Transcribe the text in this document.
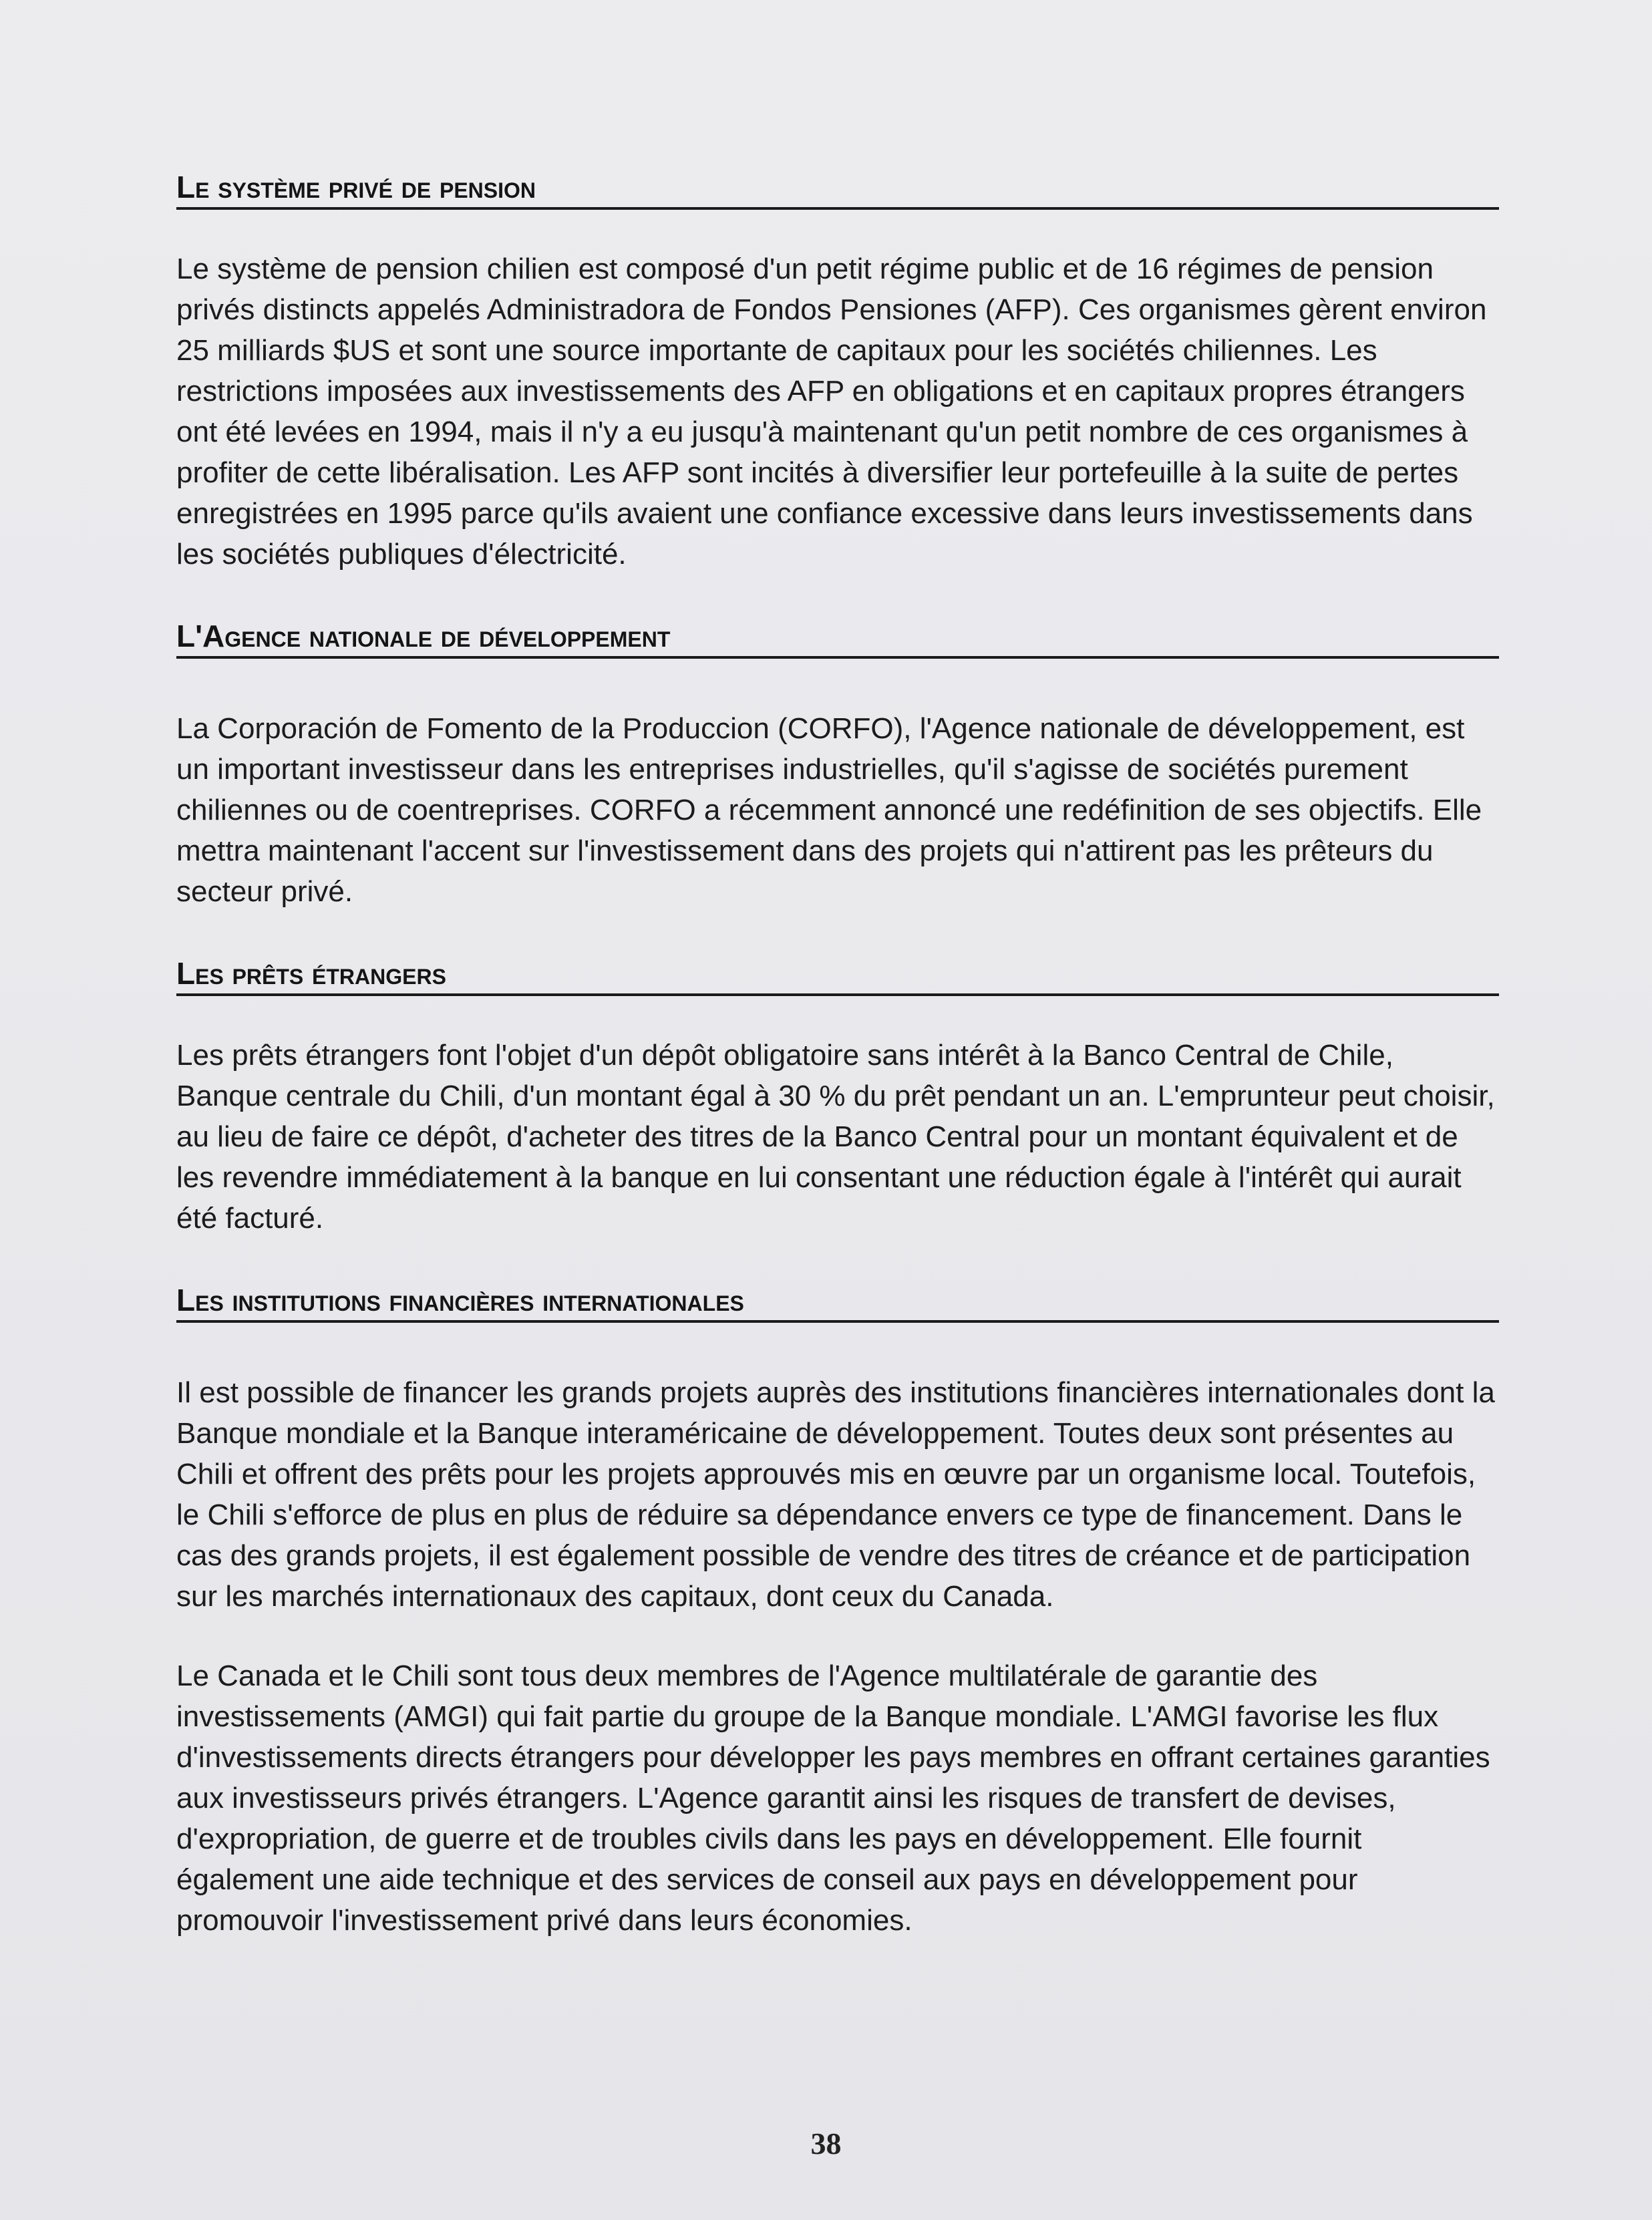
Le système privé de pension

Le système de pension chilien est composé d'un petit régime public et de 16 régimes de pension privés distincts appelés Administradora de Fondos Pensiones (AFP). Ces organismes gèrent environ 25 milliards $US et sont une source importante de capitaux pour les sociétés chiliennes. Les restrictions imposées aux investissements des AFP en obligations et en capitaux propres étrangers ont été levées en 1994, mais il n'y a eu jusqu'à maintenant qu'un petit nombre de ces organismes à profiter de cette libéralisation. Les AFP sont incités à diversifier leur portefeuille à la suite de pertes enregistrées en 1995 parce qu'ils avaient une confiance excessive dans leurs investissements dans les sociétés publiques d'électricité.

L'Agence nationale de développement

La Corporación de Fomento de la Produccion (CORFO), l'Agence nationale de développement, est un important investisseur dans les entreprises industrielles, qu'il s'agisse de sociétés purement chiliennes ou de coentreprises. CORFO a récemment annoncé une redéfinition de ses objectifs. Elle mettra maintenant l'accent sur l'investissement dans des projets qui n'attirent pas les prêteurs du secteur privé.

Les prêts étrangers

Les prêts étrangers font l'objet d'un dépôt obligatoire sans intérêt à la Banco Central de Chile, Banque centrale du Chili, d'un montant égal à 30 % du prêt pendant un an. L'emprunteur peut choisir, au lieu de faire ce dépôt, d'acheter des titres de la Banco Central pour un montant équivalent et de les revendre immédiatement à la banque en lui consentant une réduction égale à l'intérêt qui aurait été facturé.

Les institutions financières internationales

Il est possible de financer les grands projets auprès des institutions financières internationales dont la Banque mondiale et la Banque interaméricaine de développement. Toutes deux sont présentes au Chili et offrent des prêts pour les projets approuvés mis en œuvre par un organisme local. Toutefois, le Chili s'efforce de plus en plus de réduire sa dépendance envers ce type de financement. Dans le cas des grands projets, il est également possible de vendre des titres de créance et de participation sur les marchés internationaux des capitaux, dont ceux du Canada.

Le Canada et le Chili sont tous deux membres de l'Agence multilatérale de garantie des investissements (AMGI) qui fait partie du groupe de la Banque mondiale. L'AMGI favorise les flux d'investissements directs étrangers pour développer les pays membres en offrant certaines garanties aux investisseurs privés étrangers. L'Agence garantit ainsi les risques de transfert de devises, d'expropriation, de guerre et de troubles civils dans les pays en développement. Elle fournit également une aide technique et des services de conseil aux pays en développement pour promouvoir l'investissement privé dans leurs économies.

38
